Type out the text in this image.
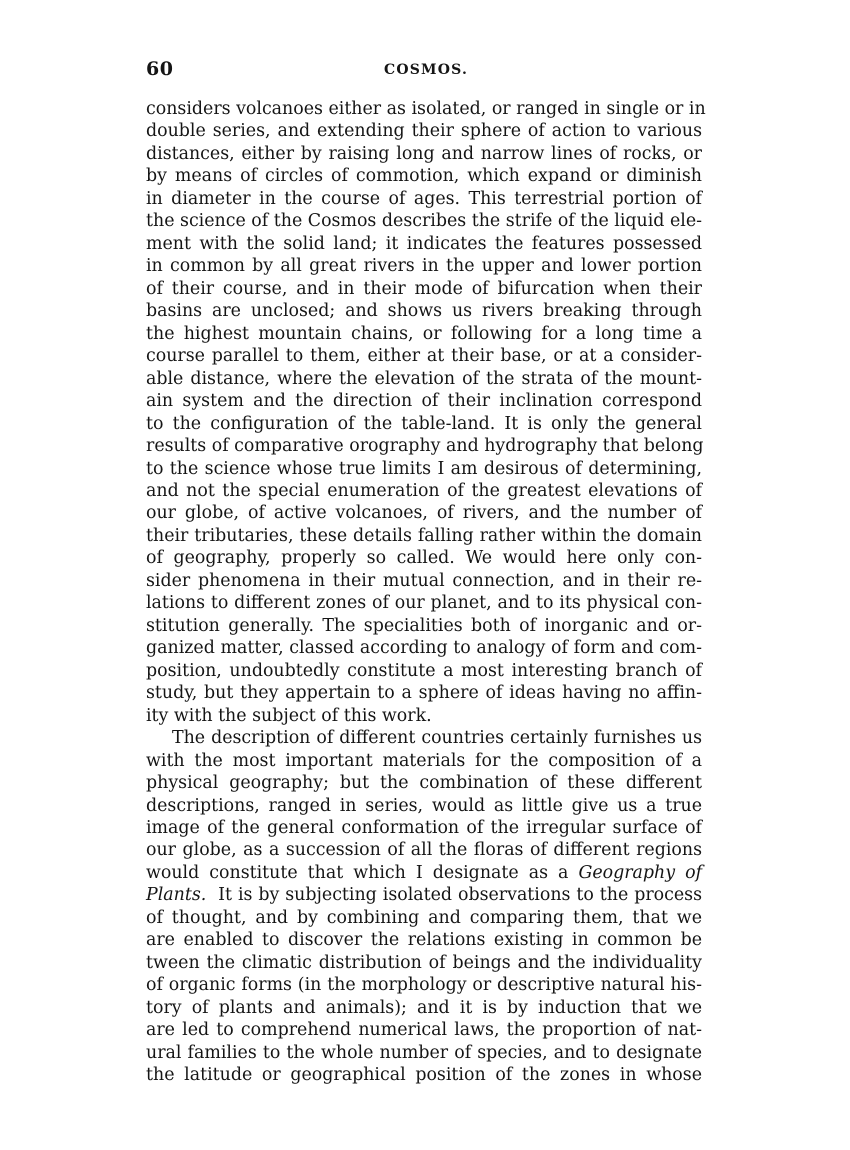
60	COSMOS.
considers volcanoes either as isolated, or ranged in single or in
double series, and extending their sphere of action to various
distances, either by raising long and narrow lines of rocks, or
by means of circles of commotion, which expand or diminish
in diameter in the course of ages. This terrestrial portion of
the science of the Cosmos describes the strife of the liquid ele-
ment with the solid land; it indicates the features possessed
in common by all great rivers in the upper and lower portion
of their course, and in their mode of bifurcation when their
basins are unclosed; and shows us rivers breaking through
the highest mountain chains, or following for a long time a
course parallel to them, either at their base, or at a consider-
able distance, where the elevation of the strata of the mount-
ain system and the direction of their inclination correspond
to the configuration of the table-land. It is only the general
results of comparative orography and hydrography that belong
to the science whose true limits I am desirous of determining,
and not the special enumeration of the greatest elevations of
our globe, of active volcanoes, of rivers, and the number of
their tributaries, these details falling rather within the domain
of geography, properly so called. We would here only con-
sider phenomena in their mutual connection, and in their re-
lations to different zones of our planet, and to its physical con-
stitution generally. The specialities both of inorganic and or-
ganized matter, classed according to analogy of form and com-
position, undoubtedly constitute a most interesting branch of
study, but they appertain to a sphere of ideas having no affin-
ity with the subject of this work.
The description of different countries certainly furnishes us
with the most important materials for the composition of a
physical geography; but the combination of these different
descriptions, ranged in series, would as little give us a true
image of the general conformation of the irregular surface of
our globe, as a succession of all the floras of different regions
would constitute that which I designate as a Geography of
Plants.  It is by subjecting isolated observations to the process
of thought, and by combining and comparing them, that we
are enabled to discover the relations existing in common be
tween the climatic distribution of beings and the individuality
of organic forms (in the morphology or descriptive natural his-
tory of plants and animals); and it is by induction that we
are led to comprehend numerical laws, the proportion of nat-
ural families to the whole number of species, and to designate
the latitude or geographical position of the zones in whose
